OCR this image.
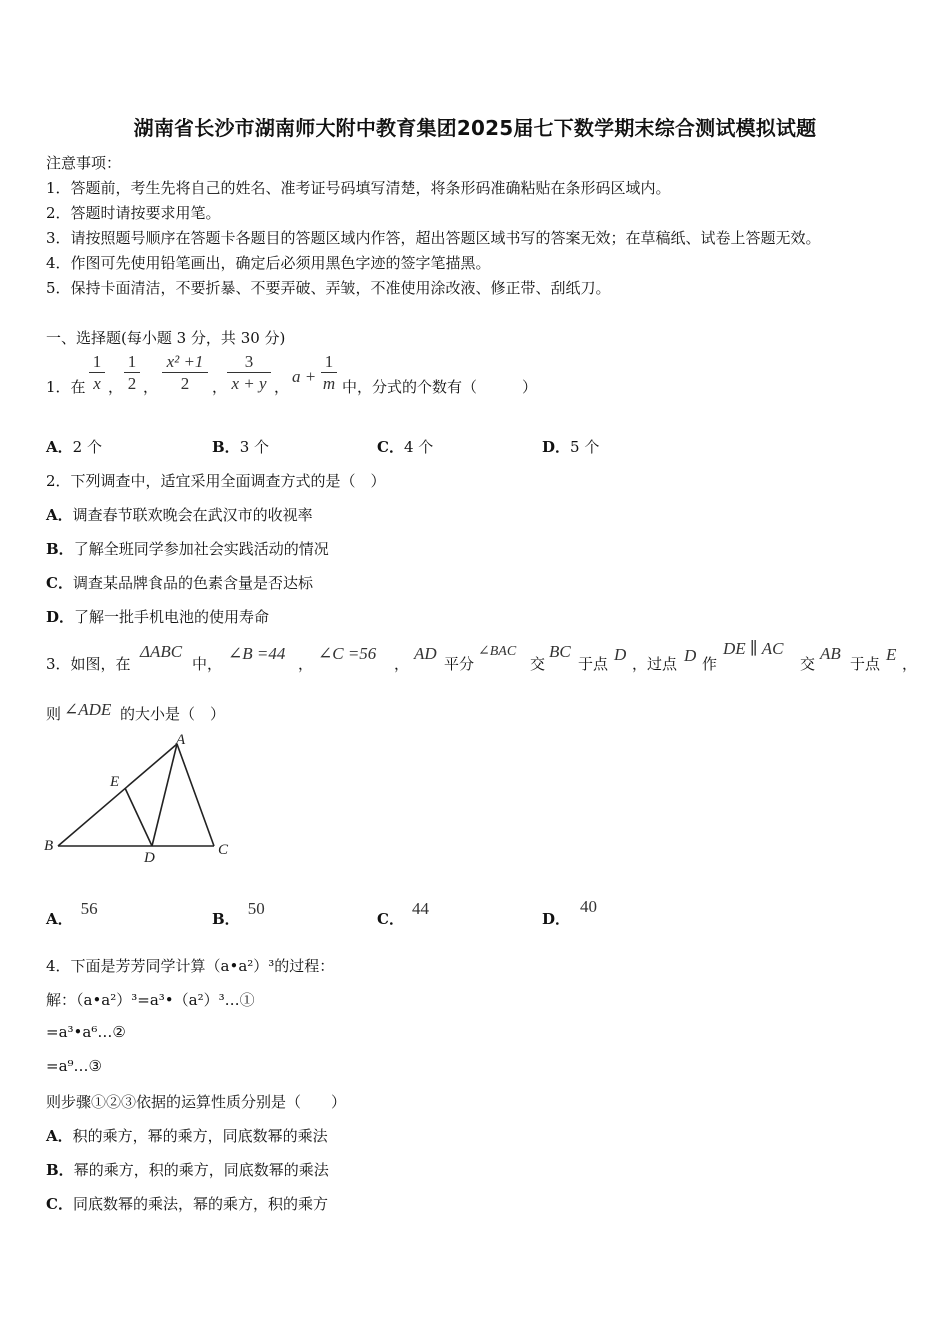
湖南省长沙市湖南师大附中教育集团2025届七下数学期末综合测试模拟试题
注意事项：
1．答题前，考生先将自己的姓名、准考证号码填写清楚，将条形码准确粘贴在条形码区域内。
2．答题时请按要求用笔。
3．请按照题号顺序在答题卡各题目的答题区域内作答，超出答题区域书写的答案无效；在草稿纸、试卷上答题无效。
4．作图可先使用铅笔画出，确定后必须用黑色字迹的签字笔描黑。
5．保持卡面清洁，不要折暴、不要弄破、弄皱，不准使用涂改液、修正带、刮纸刀。
一、选择题(每小题 3 分，共 30 分)
1．在
1
x ，
1
2 ，
x² +1
2	，
3
x + y ，
a +
1
m 中，分式的个数有（　　　）
A．2 个	B．3 个	C．4 个	D．5 个
2．下列调查中，适宜采用全面调查方式的是（　）
A．调查春节联欢晚会在武汉市的收视率
B．了解全班同学参加社会实践活动的情况
C．调查某品牌食品的色素含量是否达标
D．了解一批手机电池的使用寿命
3．如图，在
ΔABC
中，
∠B =44
，
∠C =56
，
AD
平分
∠BAC
交
BC
于点 D ，过点 D 作
DE ∥ AC
交
AB
于点 E ，
则 ∠ADE 的大小是（　）
A
B	C
D
E
A．56
B．50
C．44
D．40
4．下面是芳芳同学计算（a•a²）³的过程：
解：（a•a²）³=a³•（a²）³…①
=a³•a⁶…②
=a⁹…③
则步骤①②③依据的运算性质分别是（　　）
A．积的乘方，幂的乘方，同底数幂的乘法
B．幂的乘方，积的乘方，同底数幂的乘法
C．同底数幂的乘法，幂的乘方，积的乘方
